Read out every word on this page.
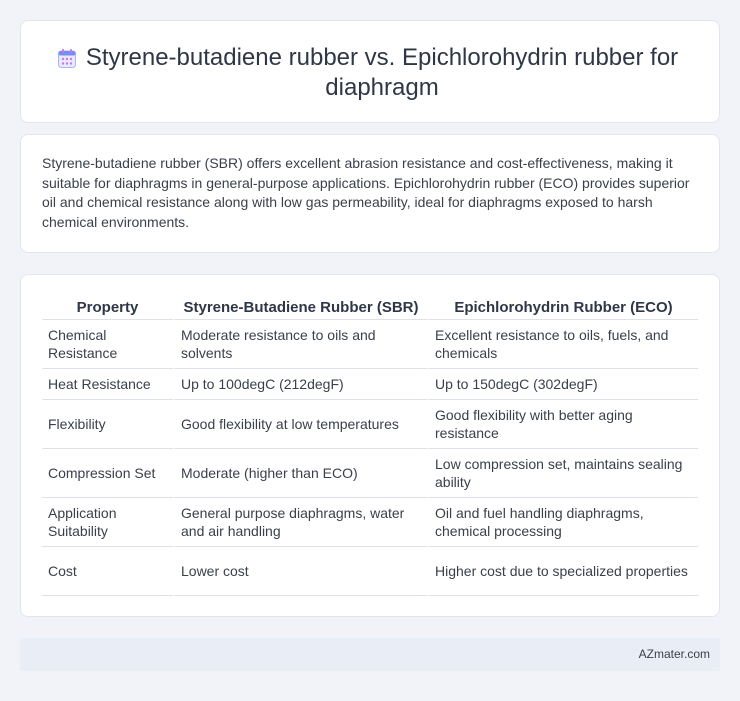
Styrene-butadiene rubber vs. Epichlorohydrin rubber for diaphragm

Styrene-butadiene rubber (SBR) offers excellent abrasion resistance and cost-effectiveness, making it suitable for diaphragms in general-purpose applications. Epichlorohydrin rubber (ECO) provides superior oil and chemical resistance along with low gas permeability, ideal for diaphragms exposed to harsh chemical environments.

Property	Styrene-Butadiene Rubber (SBR)	Epichlorohydrin Rubber (ECO)
Chemical Resistance	Moderate resistance to oils and solvents	Excellent resistance to oils, fuels, and chemicals
Heat Resistance	Up to 100degC (212degF)	Up to 150degC (302degF)
Flexibility	Good flexibility at low temperatures	Good flexibility with better aging resistance
Compression Set	Moderate (higher than ECO)	Low compression set, maintains sealing ability
Application Suitability	General purpose diaphragms, water and air handling	Oil and fuel handling diaphragms, chemical processing
Cost	Lower cost	Higher cost due to specialized properties
AZmater.com
